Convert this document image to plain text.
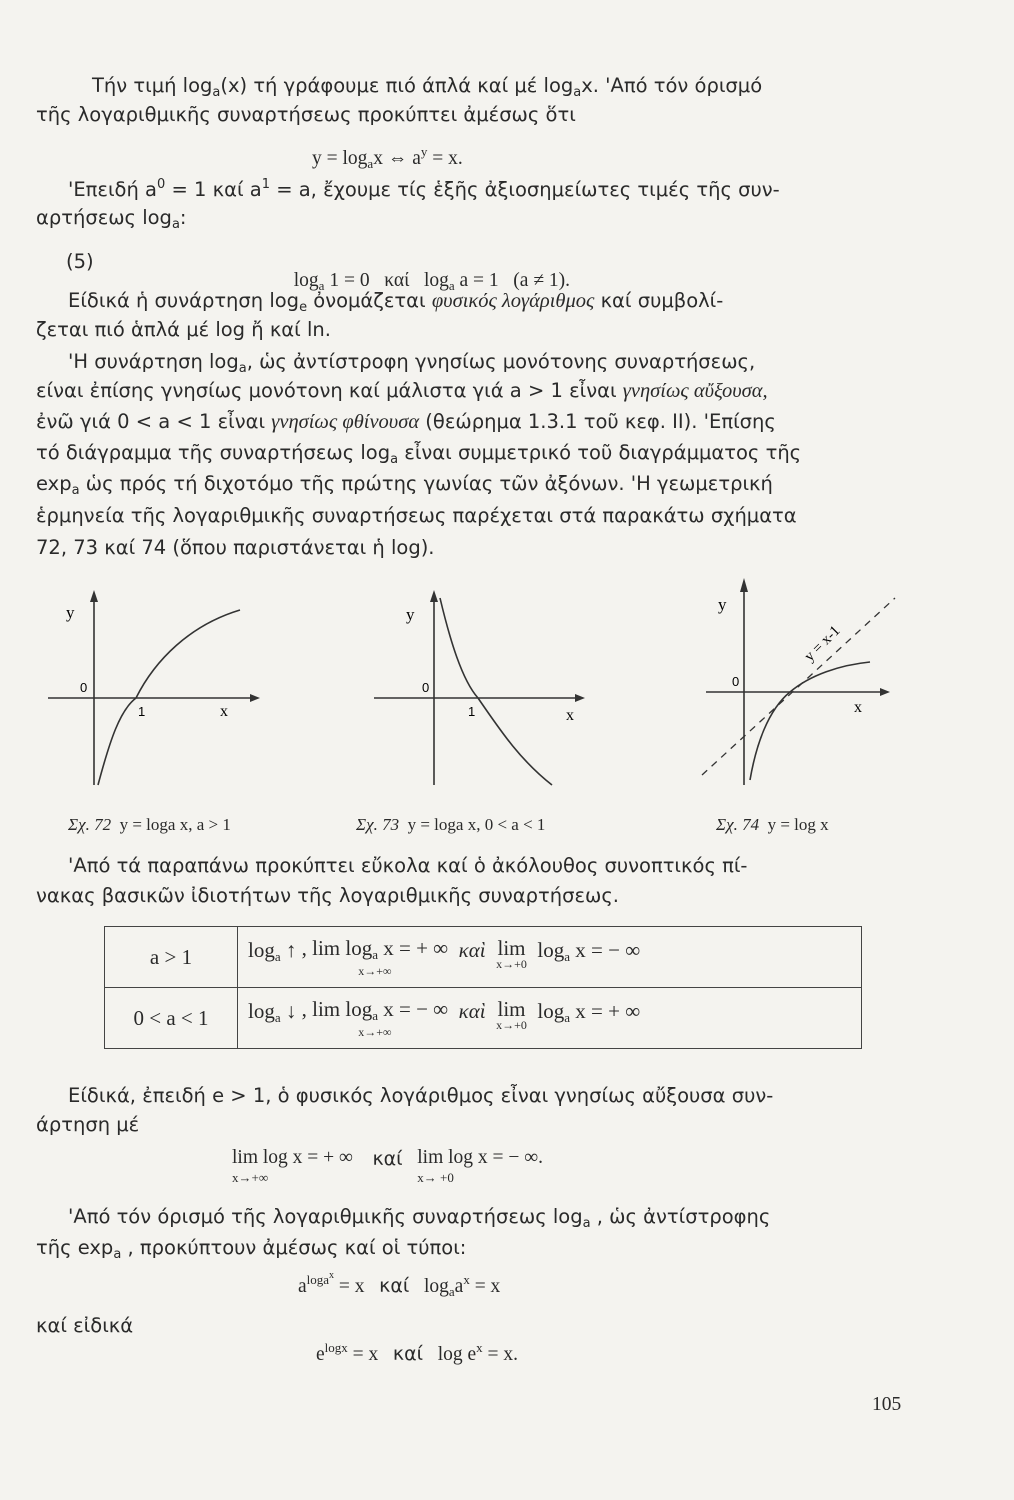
Τήν τιμή $\log_a(x)$ τή γράφουμε πιό άπλά καί μέ $\log_ax$. 'Από τόν όρισμό
τῆς λογαριθμικῆς συναρτήσεως προκύπτει ἀμέσως ὅτι
$y = \log_ax$ ⇔ $a^y = x$.
'Επειδή $a^0 = 1$ καί $a^1 = a$, ἔχουμε τίς ἑξῆς ἀξιοσημείωτες τιμές τῆς συν-
αρτήσεως $\log_a$:
(5)

$\log_a 1 = 0$   καί   $\log_a a = 1$   (a ≠ 1).

Είδικά ἡ συνάρτηση $\log_e$ ὀνομάζεται φυσικός λογάριθμος καί συμβολί-
ζεται πιό ἁπλά μέ log ἤ καί ln.
'Η συνάρτηση $\log_a$, ὡς ἀντίστροφη γνησίως μονότονης συναρτήσεως,
είναι ἐπίσης γνησίως μονότονη καί μάλιστα γιά a > 1 εἶναι γνησίως αὔξουσα,
ἐνῶ γιά 0 < a < 1 εἶναι γνησίως φθίνουσα (θεώρημα 1.3.1 τοῦ κεφ. II). 'Επίσης
τό διάγραμμα τῆς συναρτήσεως $\log_a$ εἶναι συμμετρικό τοῦ διαγράμματος τῆς
$\exp_a$ ὡς πρός τή διχοτόμο τῆς πρώτης γωνίας τῶν ἀξόνων. 'Η γεωμετρική
ἑρμηνεία τῆς λογαριθμικῆς συναρτήσεως παρέχεται στά παρακάτω σχήματα
72, 73 καί 74 (ὅπου παριστάνεται ἡ log).
y
0
1	x
Σχ. 72 y = loga x, a > 1
y
0
1	x
Σχ. 73 y = loga x, 0 < a < 1
y
0
x
y = x-1
Σχ. 74 y = log x
'Από τά παραπάνω προκύπτει εὔκολα καί ὁ ἀκόλουθος συνοπτικός πί-
νακας βασικῶν ἰδιοτήτων τῆς λογαριθμικῆς συναρτήσεως.
a > 1	$\log_a$ ↑ , $\lim \log_a x$ = + ∞
x→+∞
καὶ lim
x→+0
$\log_a x$ = − ∞
0 < a < 1	$\log_a$ ↓ , $\lim \log_a x$ = − ∞
x→+∞
καὶ lim
x→+0
$\log_a x$ = + ∞
Είδικά, ἐπειδή e > 1, ὁ φυσικός λογάριθμος εἶναι γνησίως αὔξουσα συν-
άρτηση μέ
lim log x = + ∞
x→+∞
καί lim log x = − ∞.
x→ +0
'Από τόν όρισμό τῆς λογαριθμικῆς συναρτήσεως $\log_a$ , ὡς ἀντίστροφης
τῆς $\exp_a$ , προκύπτουν ἀμέσως καί οἱ τύποι:
$a^{logax} = x$ καί $\log_aa^x = x$
καί εἰδικά
$e^{logx} = x$ καί $\log e^x = x$.
105
